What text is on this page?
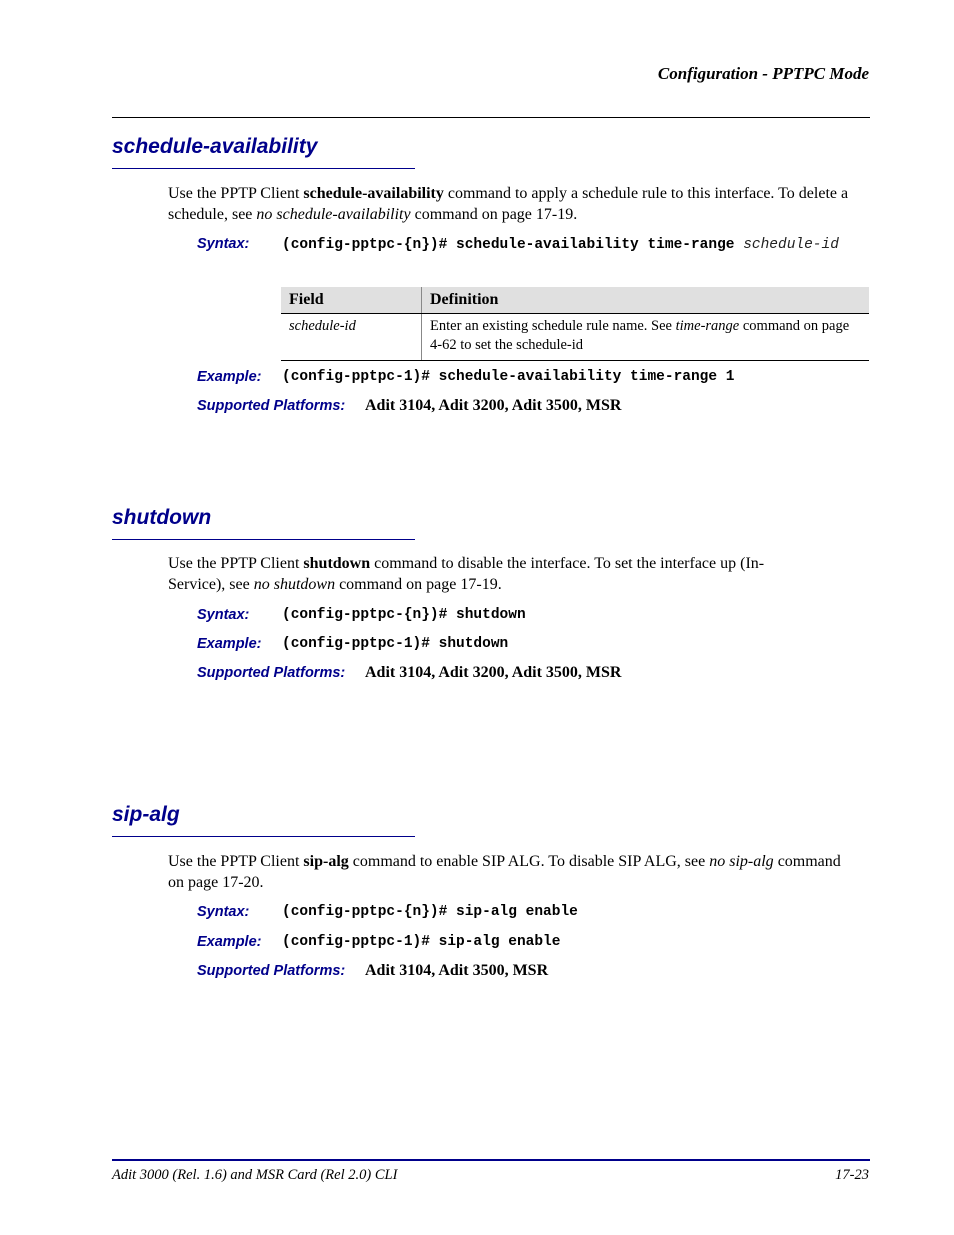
Configuration - PPTPC Mode
schedule-availability
Use the PPTP Client schedule-availability command to apply a schedule rule to this interface. To delete a schedule, see no schedule-availability command on page 17-19.
Syntax: (config-pptpc-{n})# schedule-availability time-range schedule-id
Field	Definition
schedule-id	Enter an existing schedule rule name. See time-range command on page 4-62 to set the schedule-id
Example: (config-pptpc-1)# schedule-availability time-range 1
Supported Platforms: Adit 3104, Adit 3200, Adit 3500, MSR
shutdown
Use the PPTP Client shutdown command to disable the interface. To set the interface up (In-Service), see no shutdown command on page 17-19.
Syntax: (config-pptpc-{n})# shutdown
Example: (config-pptpc-1)# shutdown
Supported Platforms: Adit 3104, Adit 3200, Adit 3500, MSR
sip-alg
Use the PPTP Client sip-alg command to enable SIP ALG. To disable SIP ALG, see no sip-alg command on page 17-20.
Syntax: (config-pptpc-{n})# sip-alg enable
Example: (config-pptpc-1)# sip-alg enable
Supported Platforms: Adit 3104, Adit 3500, MSR
Adit 3000 (Rel. 1.6) and MSR Card (Rel 2.0) CLI	17-23
